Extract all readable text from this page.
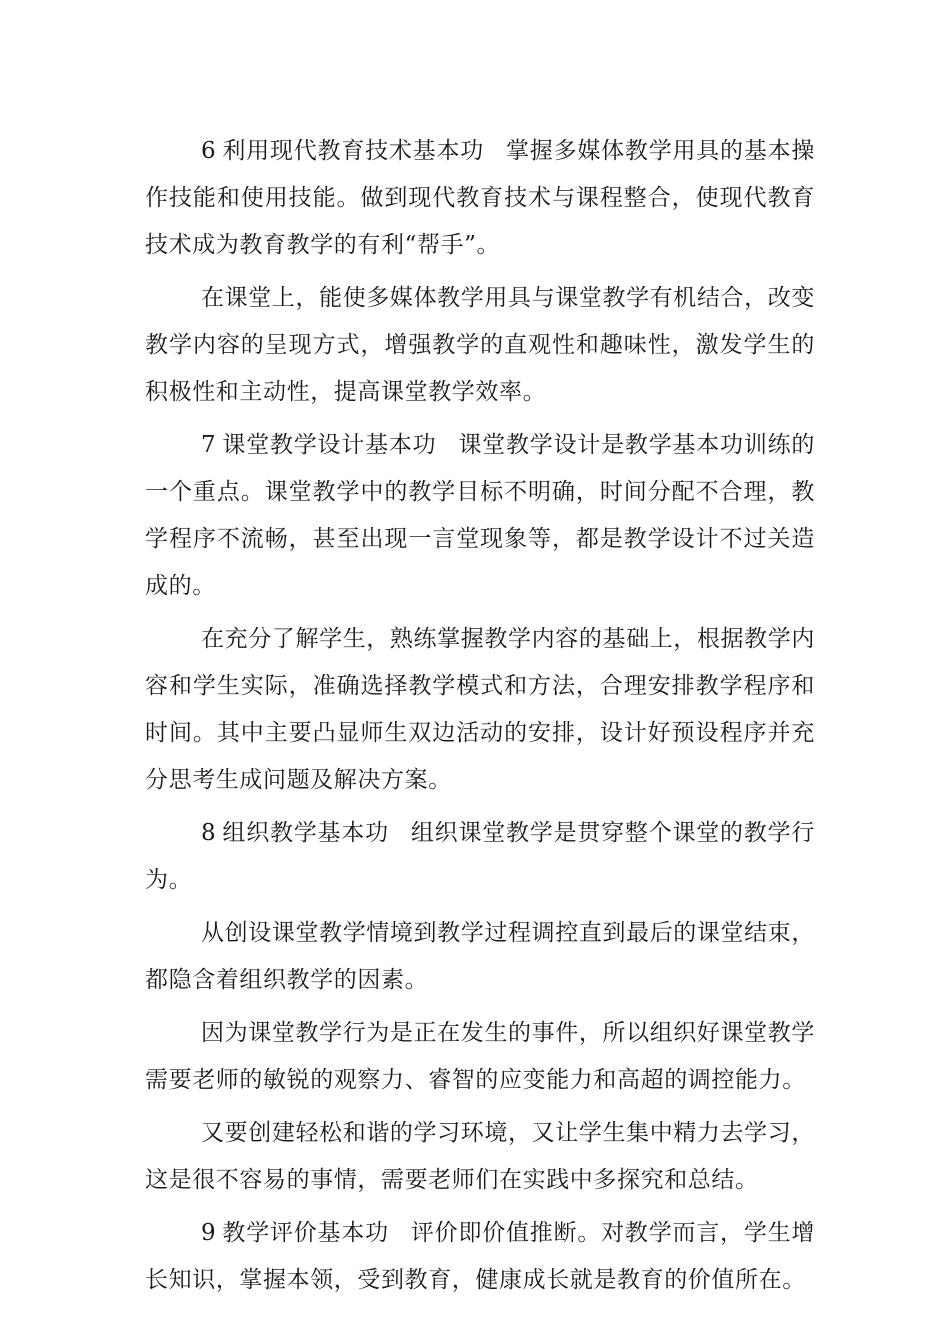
6 利用现代教育技术基本功 掌握多媒体教学用具的基本操作技能和使用技能。做到现代教育技术与课程整合，使现代教育技术成为教育教学的有利“帮手”。

在课堂上，能使多媒体教学用具与课堂教学有机结合，改变教学内容的呈现方式，增强教学的直观性和趣味性，激发学生的积极性和主动性，提高课堂教学效率。

7 课堂教学设计基本功 课堂教学设计是教学基本功训练的一个重点。课堂教学中的教学目标不明确，时间分配不合理，教学程序不流畅，甚至出现一言堂现象等，都是教学设计不过关造成的。

在充分了解学生，熟练掌握教学内容的基础上，根据教学内容和学生实际，准确选择教学模式和方法，合理安排教学程序和时间。其中主要凸显师生双边活动的安排，设计好预设程序并充分思考生成问题及解决方案。

8 组织教学基本功 组织课堂教学是贯穿整个课堂的教学行为。

从创设课堂教学情境到教学过程调控直到最后的课堂结束，都隐含着组织教学的因素。

因为课堂教学行为是正在发生的事件，所以组织好课堂教学需要老师的敏锐的观察力、睿智的应变能力和高超的调控能力。

又要创建轻松和谐的学习环境，又让学生集中精力去学习，这是很不容易的事情，需要老师们在实践中多探究和总结。

9 教学评价基本功 评价即价值推断。对教学而言，学生增长知识，掌握本领，受到教育，健康成长就是教育的价值所在。
